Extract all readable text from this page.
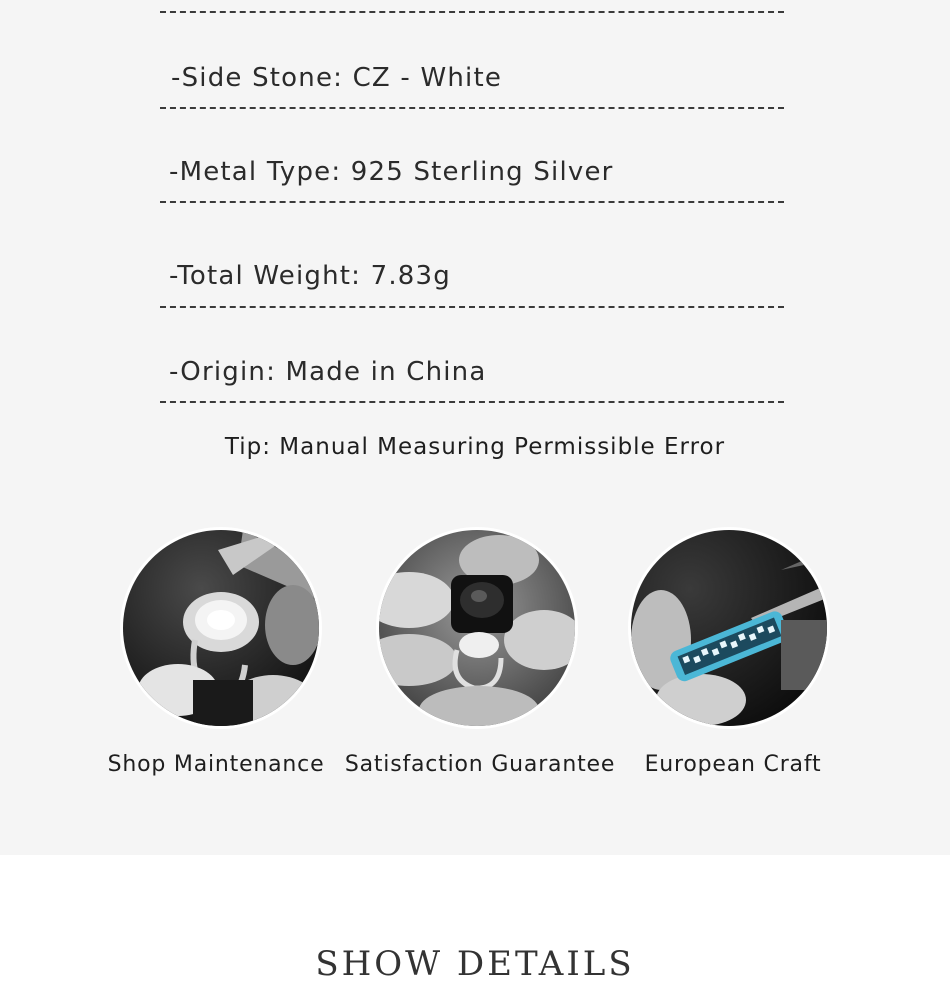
-Side Stone: CZ - White
-Metal Type: 925 Sterling Silver
-Total Weight: 7.83g
-Origin: Made in China
Tip: Manual Measuring Permissible Error
Shop Maintenance Satisfaction Guarantee	European Craft
SHOW DETAILS
